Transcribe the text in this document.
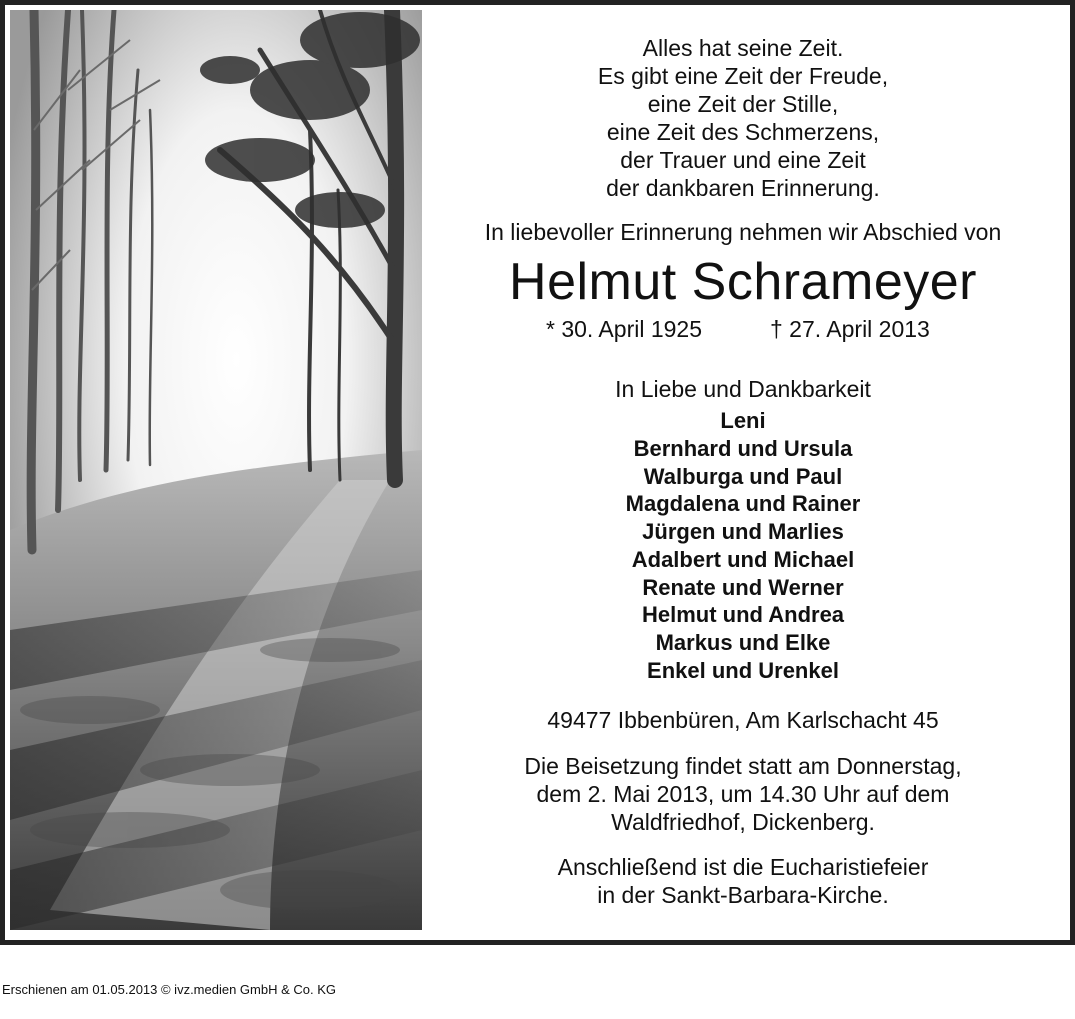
Alles hat seine Zeit.

Es gibt eine Zeit der Freude,

eine Zeit der Stille,

eine Zeit des Schmerzens,

der Trauer und eine Zeit

der dankbaren Erinnerung.

In liebevoller Erinnerung nehmen wir Abschied von

Helmut Schrameyer

* 30. April 1925	† 27. April 2013

In Liebe und Dankbarkeit

Leni

Bernhard und Ursula

Walburga und Paul

Magdalena und Rainer

Jürgen und Marlies

Adalbert und Michael

Renate und Werner

Helmut und Andrea

Markus und Elke

Enkel und Urenkel

49477 Ibbenbüren, Am Karlschacht 45

Die Beisetzung findet statt am Donnerstag,

dem 2. Mai 2013, um 14.30 Uhr auf dem

Waldfriedhof, Dickenberg.

Anschließend ist die Eucharistiefeier

in der Sankt-Barbara-Kirche.

Erschienen am 01.05.2013 © ivz.medien GmbH & Co. KG
